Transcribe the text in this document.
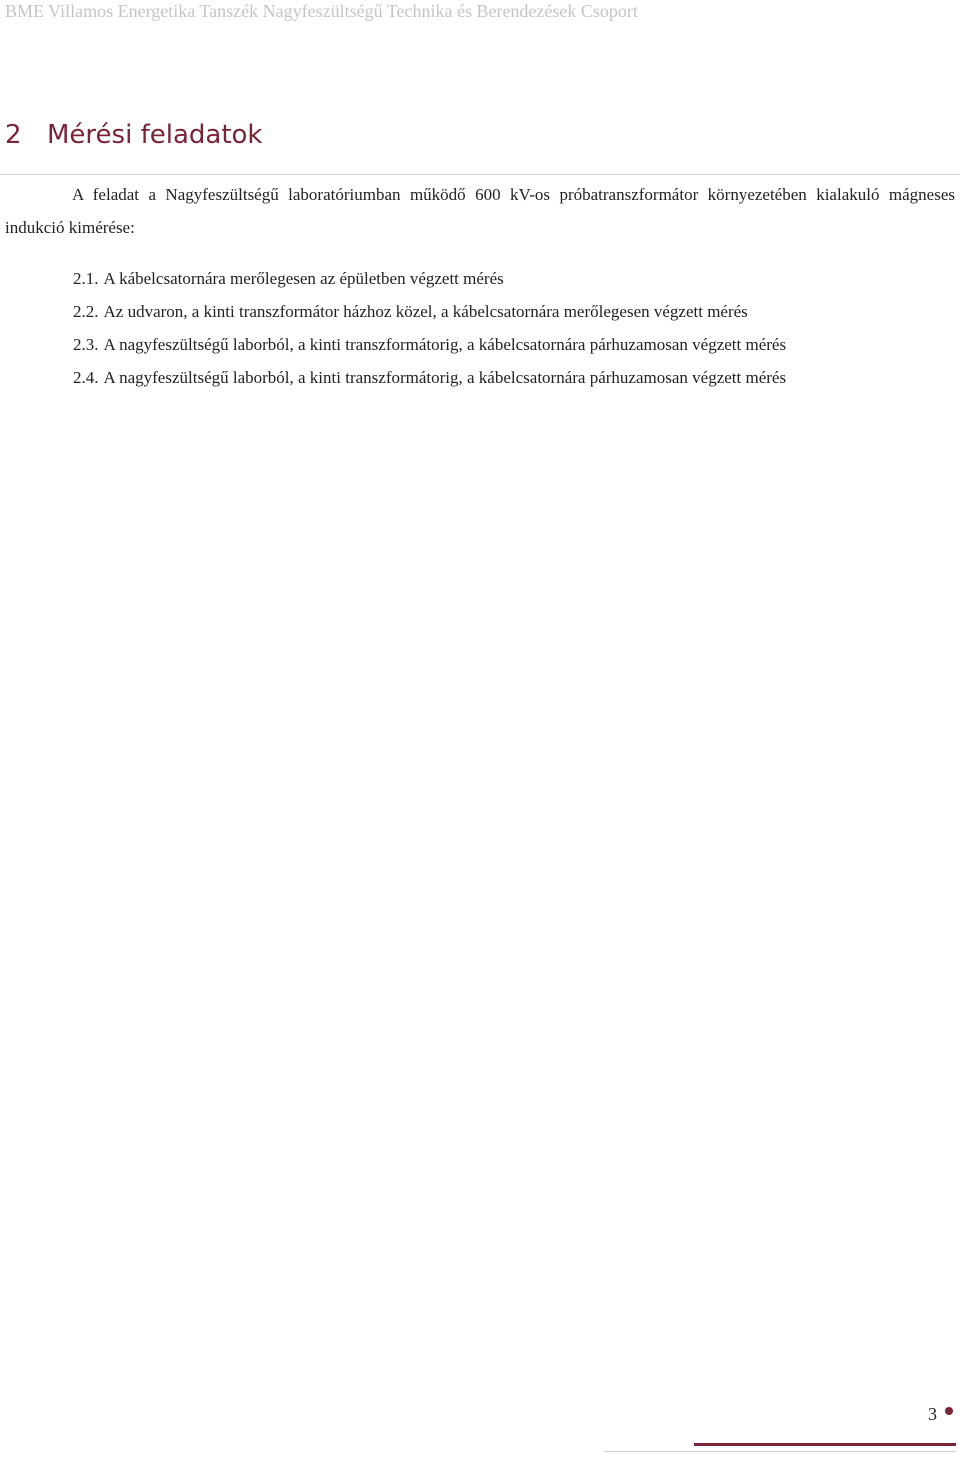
BME Villamos Energetika Tanszék Nagyfeszültségű Technika és Berendezések Csoport
2 Mérési feladatok

A feladat a Nagyfeszültségű laboratóriumban működő 600 kV-os próbatranszformátor környezetében kialakuló mágneses indukció kimérése:

2.1. A kábelcsatornára merőlegesen az épületben végzett mérés
2.2. Az udvaron, a kinti transzformátor házhoz közel, a kábelcsatornára merőlegesen végzett mérés
2.3. A nagyfeszültségű laborból, a kinti transzformátorig, a kábelcsatornára párhuzamosan végzett mérés
2.4. A nagyfeszültségű laborból, a kinti transzformátorig, a kábelcsatornára párhuzamosan végzett mérés
3
